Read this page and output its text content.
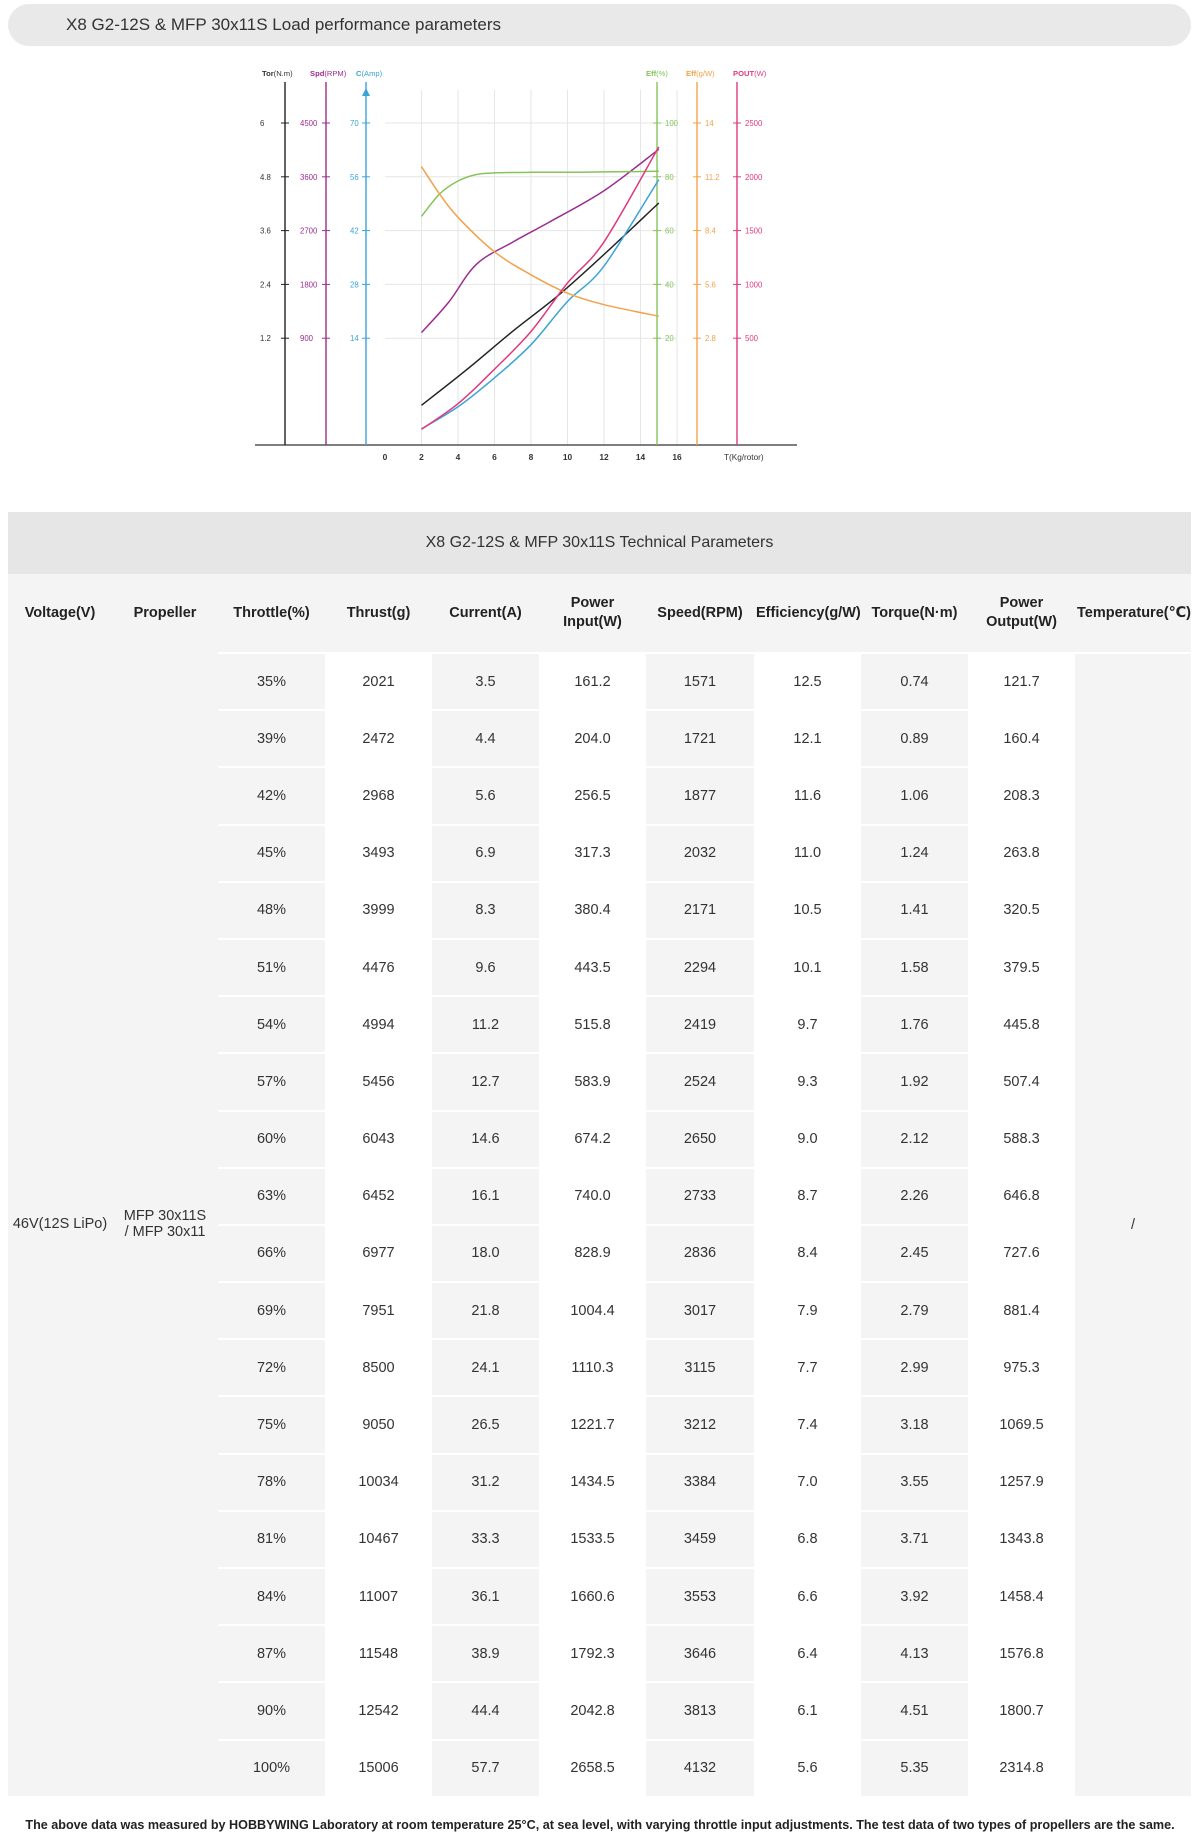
X8 G2-12S & MFP 30x11S Load performance parameters
Tor(N.m)
6
4.8
3.6
2.4
1.2
Spd(RPM)
4500
3600
2700
1800
900
C(Amp)
70
56
42
28
14
Eff(%)
100
80
60
40
20
Eff(g/W)
14
11.2
8.4
5.6
2.8
POUT(W)
2500
2000
1500
1000
500
0	2	4	6	8	10	12	14	16	T(Kg/rotor)
X8 G2-12S & MFP 30x11S Technical Parameters
Voltage(V)	Propeller	Throttle(%)	Thrust(g)	Current(A)	Power Input(W)	Speed(RPM)	Efficiency(g/W)	Torque(N·m)	Power Output(W)	Temperature(℃)
46V(12S LiPo)	MFP 30x11S / MFP 30x11	35%	2021	3.5	161.2	1571	12.5	0.74	121.7	/
		39%	2472	4.4	204.0	1721	12.1	0.89	160.4	
		42%	2968	5.6	256.5	1877	11.6	1.06	208.3	
		45%	3493	6.9	317.3	2032	11.0	1.24	263.8	
		48%	3999	8.3	380.4	2171	10.5	1.41	320.5	
		51%	4476	9.6	443.5	2294	10.1	1.58	379.5	
		54%	4994	11.2	515.8	2419	9.7	1.76	445.8	
		57%	5456	12.7	583.9	2524	9.3	1.92	507.4	
		60%	6043	14.6	674.2	2650	9.0	2.12	588.3	
		63%	6452	16.1	740.0	2733	8.7	2.26	646.8	
		66%	6977	18.0	828.9	2836	8.4	2.45	727.6	
		69%	7951	21.8	1004.4	3017	7.9	2.79	881.4	
		72%	8500	24.1	1110.3	3115	7.7	2.99	975.3	
		75%	9050	26.5	1221.7	3212	7.4	3.18	1069.5	
		78%	10034	31.2	1434.5	3384	7.0	3.55	1257.9	
		81%	10467	33.3	1533.5	3459	6.8	3.71	1343.8	
		84%	11007	36.1	1660.6	3553	6.6	3.92	1458.4	
		87%	11548	38.9	1792.3	3646	6.4	4.13	1576.8	
		90%	12542	44.4	2042.8	3813	6.1	4.51	1800.7	
		100%	15006	57.7	2658.5	4132	5.6	5.35	2314.8	
The above data was measured by HOBBYWING Laboratory at room temperature 25°C, at sea level, with varying throttle input adjustments. The test data of two types of propellers are the same.
